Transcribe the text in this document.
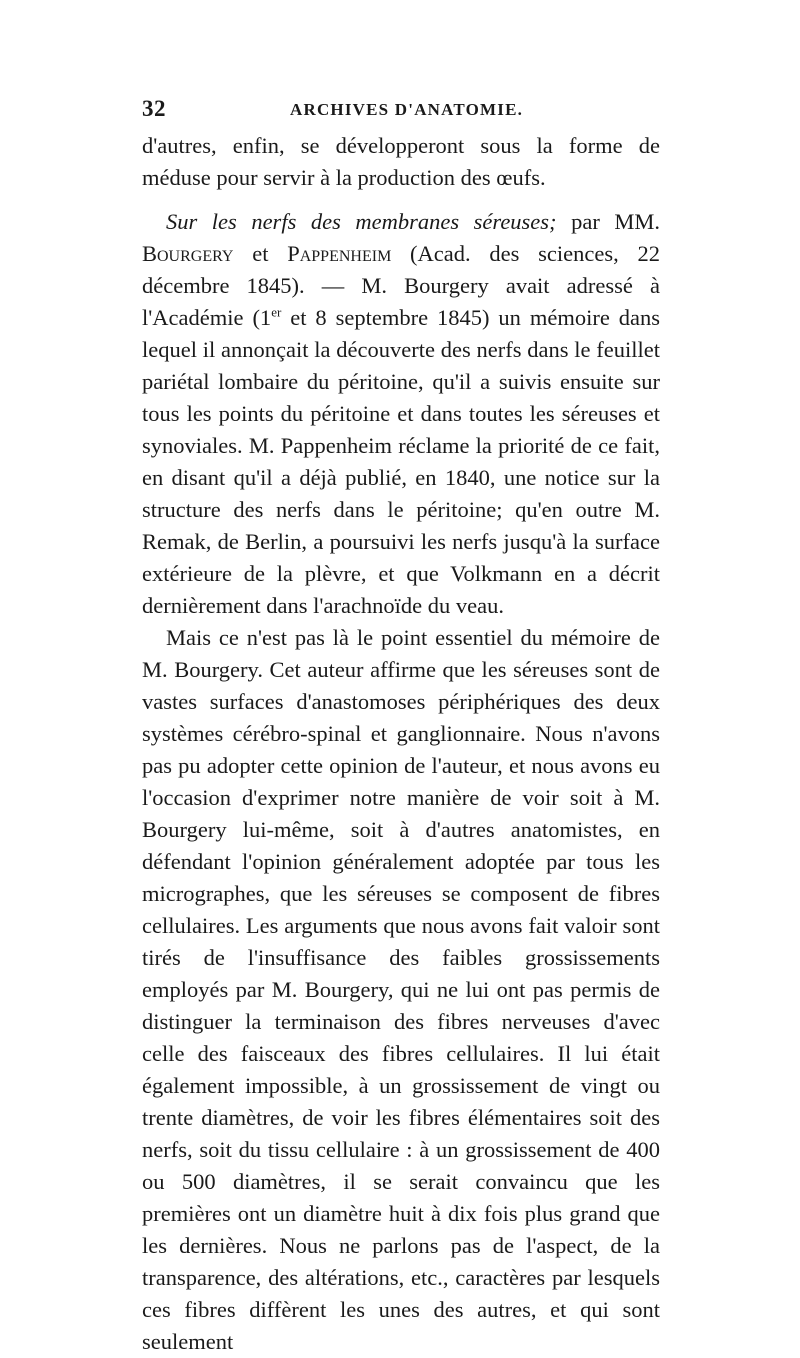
32	ARCHIVES D'ANATOMIE.

d'autres, enfin, se développeront sous la forme de méduse pour servir à la production des œufs.

Sur les nerfs des membranes séreuses; par MM. Bourgery et Pappenheim (Acad. des sciences, 22 décembre 1845). — M. Bourgery avait adressé à l'Académie (1er et 8 septembre 1845) un mémoire dans lequel il annonçait la découverte des nerfs dans le feuillet pariétal lombaire du péritoine, qu'il a suivis ensuite sur tous les points du péritoine et dans toutes les séreuses et synoviales. M. Pappenheim réclame la priorité de ce fait, en disant qu'il a déjà publié, en 1840, une notice sur la structure des nerfs dans le péritoine; qu'en outre M. Remak, de Berlin, a poursuivi les nerfs jusqu'à la surface extérieure de la plèvre, et que Volkmann en a décrit dernièrement dans l'arachnoïde du veau.

Mais ce n'est pas là le point essentiel du mémoire de M. Bourgery. Cet auteur affirme que les séreuses sont de vastes surfaces d'anastomoses périphériques des deux systèmes cérébro-spinal et ganglionnaire. Nous n'avons pas pu adopter cette opinion de l'auteur, et nous avons eu l'occasion d'exprimer notre manière de voir soit à M. Bourgery lui-même, soit à d'autres anatomistes, en défendant l'opinion généralement adoptée par tous les micrographes, que les séreuses se composent de fibres cellulaires. Les arguments que nous avons fait valoir sont tirés de l'insuffisance des faibles grossissements employés par M. Bourgery, qui ne lui ont pas permis de distinguer la terminaison des fibres nerveuses d'avec celle des faisceaux des fibres cellulaires. Il lui était également impossible, à un grossissement de vingt ou trente diamètres, de voir les fibres élémentaires soit des nerfs, soit du tissu cellulaire : à un grossissement de 400 ou 500 diamètres, il se serait convaincu que les premières ont un diamètre huit à dix fois plus grand que les dernières. Nous ne parlons pas de l'aspect, de la transparence, des altérations, etc., caractères par lesquels ces fibres diffèrent les unes des autres, et qui sont seulement
